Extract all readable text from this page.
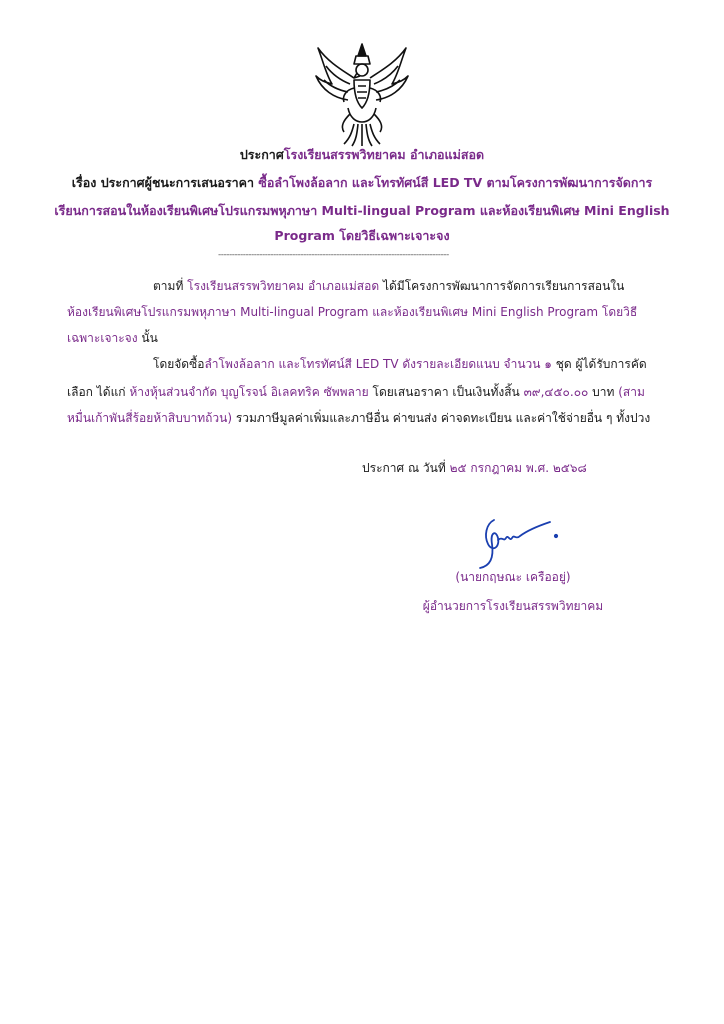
ประกาศโรงเรียนสรรพวิทยาคม อำเภอแม่สอด
เรื่อง ประกาศผู้ชนะการเสนอราคา ซื้อลำโพงล้อลาก และโทรทัศน์สี LED TV ตามโครงการพัฒนาการจัดการ
เรียนการสอนในห้องเรียนพิเศษโปรแกรมพหุภาษา Multi-lingual Program และห้องเรียนพิเศษ Mini English
Program โดยวิธีเฉพาะเจาะจง
------------------------------------------------------------------------------------
ตามที่ โรงเรียนสรรพวิทยาคม อำเภอแม่สอด ได้มีโครงการพัฒนาการจัดการเรียนการสอนใน
ห้องเรียนพิเศษโปรแกรมพหุภาษา Multi-lingual Program และห้องเรียนพิเศษ Mini English Program โดยวิธี
เฉพาะเจาะจง นั้น
โดยจัดซื้อลำโพงล้อลาก และโทรทัศน์สี LED TV ดังรายละเอียดแนบ จำนวน ๑ ชุด ผู้ได้รับการคัด
เลือก ได้แก่ ห้างหุ้นส่วนจำกัด บุญโรจน์ อิเลคทริค ซัพพลาย โดยเสนอราคา เป็นเงินทั้งสิ้น ๓๙,๔๕๐.๐๐ บาท (สาม
หมื่นเก้าพันสี่ร้อยห้าสิบบาทถ้วน) รวมภาษีมูลค่าเพิ่มและภาษีอื่น ค่าขนส่ง ค่าจดทะเบียน และค่าใช้จ่ายอื่น ๆ ทั้งปวง
ประกาศ ณ วันที่ ๒๕ กรกฎาคม พ.ศ. ๒๕๖๘
(นายกฤษณะ เครืออยู่)
ผู้อำนวยการโรงเรียนสรรพวิทยาคม
